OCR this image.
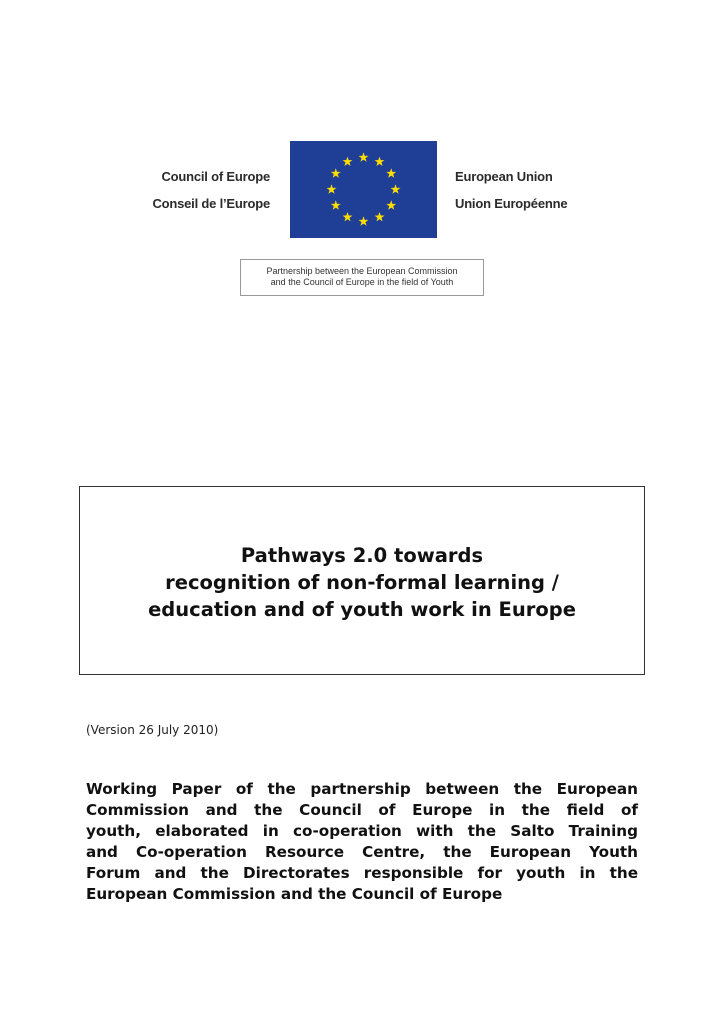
Council of Europe
Conseil de l’Europe
European Union
Union Européenne
Partnership between the European Commission
and the Council of Europe in the field of Youth
Pathways 2.0 towards
recognition of non-formal learning /
education and of youth work in Europe
(Version 26 July 2010)
Working Paper of the partnership between the European
Commission and the Council of Europe in the field of
youth, elaborated in co-operation with the Salto Training
and Co-operation Resource Centre, the European Youth
Forum and the Directorates responsible for youth in the
European Commission and the Council of Europe
